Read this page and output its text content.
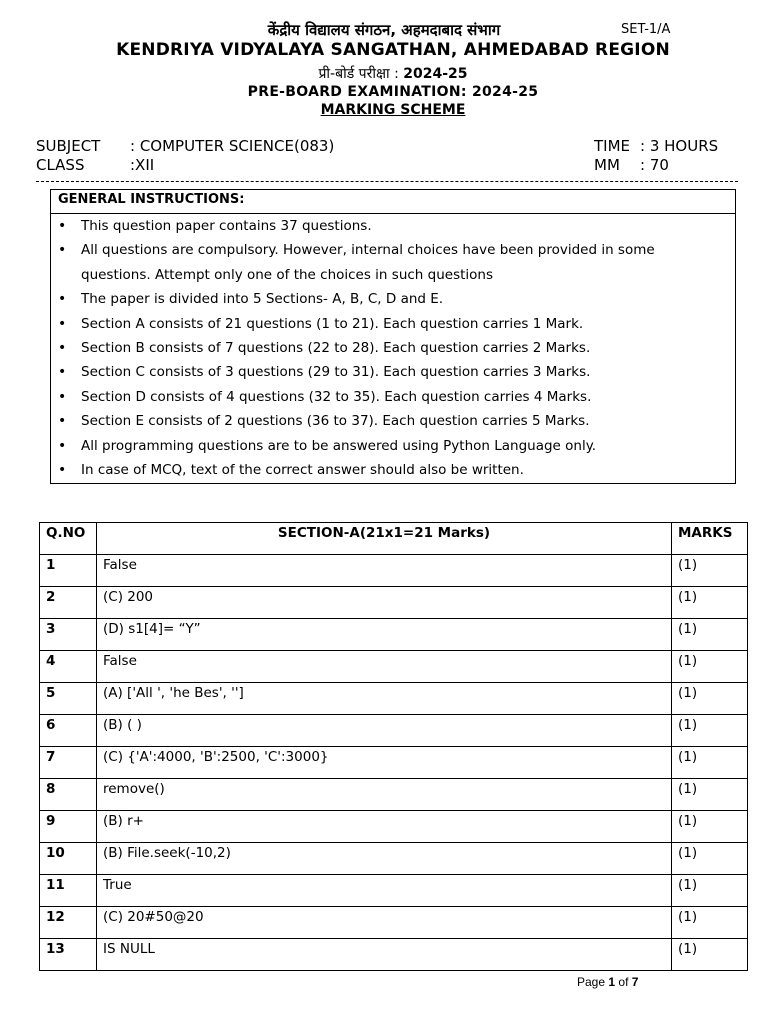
केंद्रीय विद्यालय संगठन, अहमदाबाद संभाग	SET-1/A
KENDRIYA VIDYALAYA SANGATHAN, AHMEDABAD REGION
प्री-बोर्ड परीक्षा : 2024-25
PRE-BOARD EXAMINATION: 2024-25
MARKING SCHEME
SUBJECT : COMPUTER SCIENCE(083)
CLASS	:XII
TIME : 3 HOURS
MM : 70
GENERAL INSTRUCTIONS:
• This question paper contains 37 questions.
• All questions are compulsory. However, internal choices have been provided in some questions. Attempt only one of the choices in such questions
• The paper is divided into 5 Sections- A, B, C, D and E.
• Section A consists of 21 questions (1 to 21). Each question carries 1 Mark.
• Section B consists of 7 questions (22 to 28). Each question carries 2 Marks.
• Section C consists of 3 questions (29 to 31). Each question carries 3 Marks.
• Section D consists of 4 questions (32 to 35). Each question carries 4 Marks.
• Section E consists of 2 questions (36 to 37). Each question carries 5 Marks.
• All programming questions are to be answered using Python Language only.
• In case of MCQ, text of the correct answer should also be written.
Q.NO	SECTION-A(21x1=21 Marks)	MARKS
1	False	(1)
2	(C) 200	(1)
3	(D) s1[4]= “Y”	(1)
4	False	(1)
5	(A) ['All ', 'he Bes', '']	(1)
6	(B) ( )	(1)
7	(C) {'A':4000, 'B':2500, 'C':3000}	(1)
8	remove()	(1)
9	(B) r+	(1)
10	(B) File.seek(-10,2)	(1)
11	True	(1)
12	(C) 20#50@20	(1)
13	IS NULL	(1)
Page 1 of 7
